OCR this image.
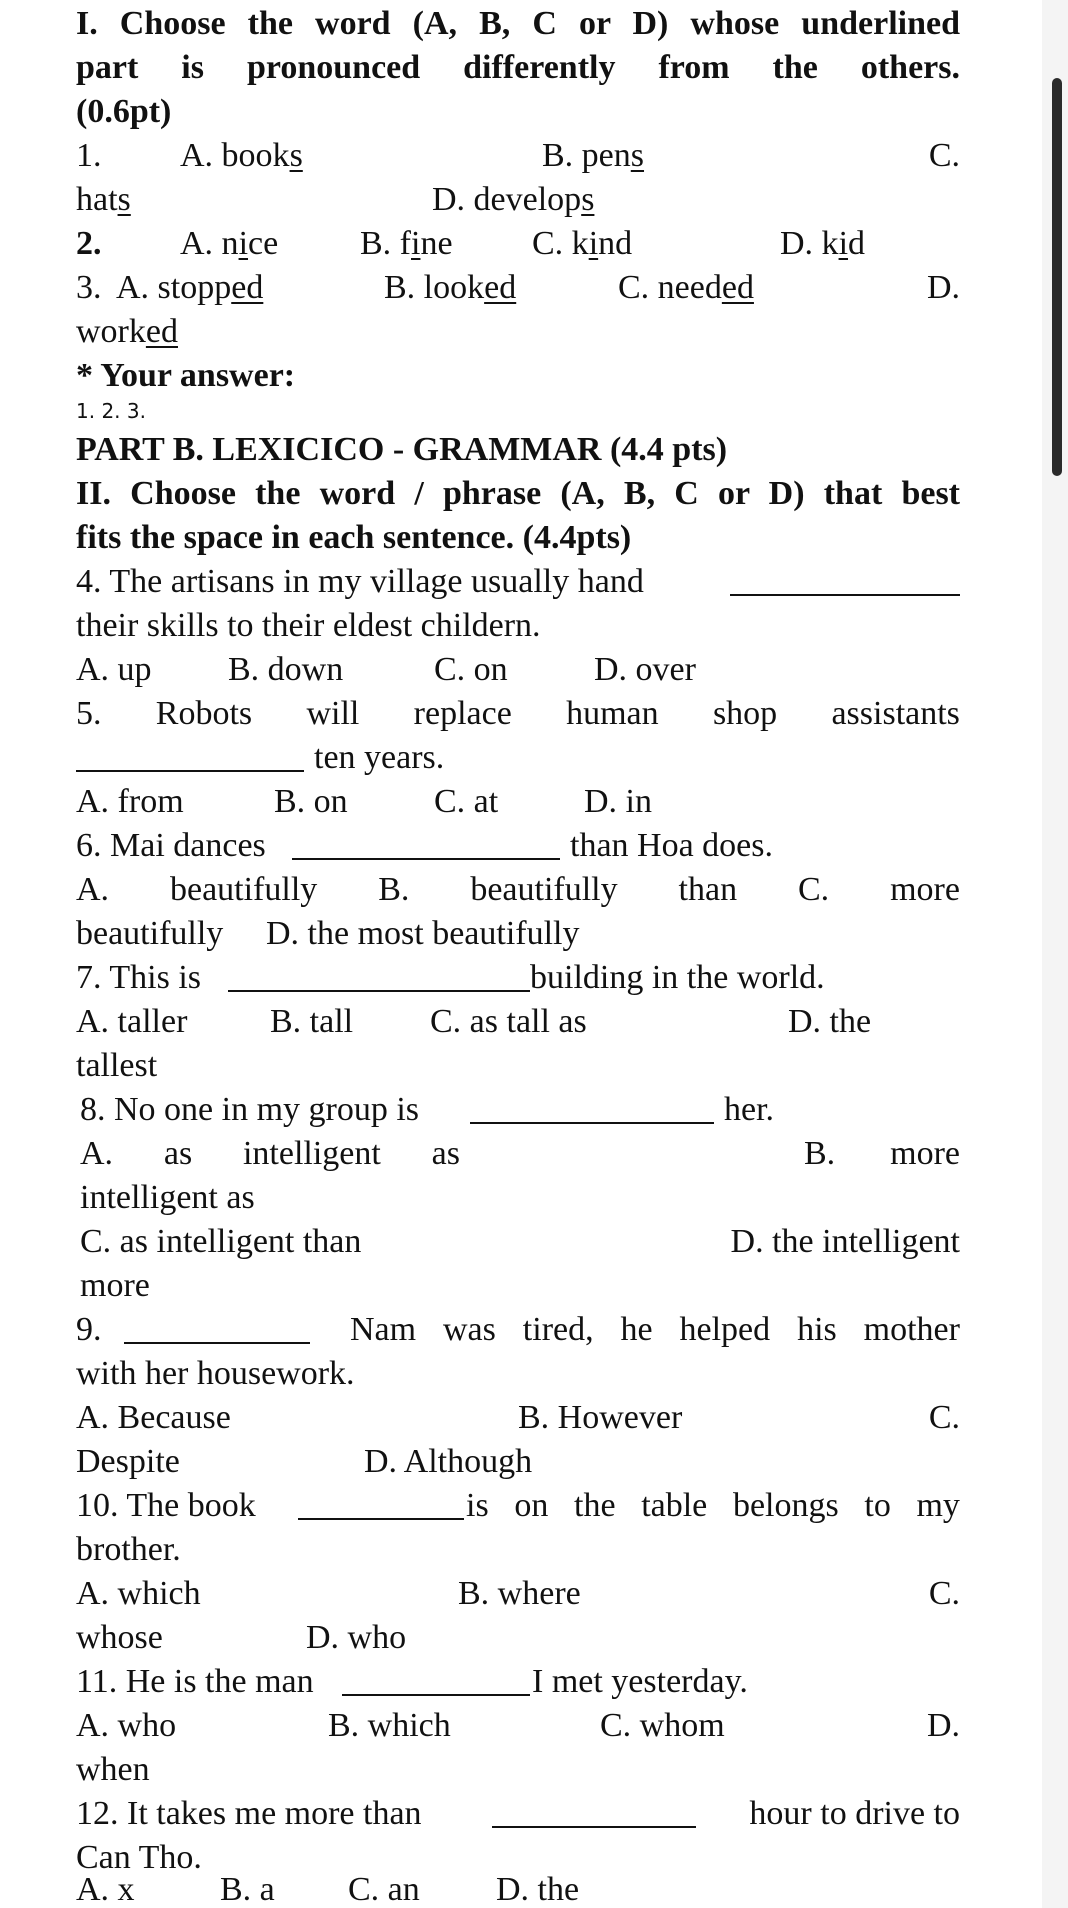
I. Choose the word (A, B, C or D) whose underlined
part is pronounced differently from the others.
(0.6pt)
1. A. books	B. pens	C.
hats	D. develops
2. A. nice B. fine C. kind	D. kid
3. A. stopped	B. looked	C. needed	D.
worked
* Your answer:
1. 2. 3.
PART B. LEXICICO - GRAMMAR (4.4 pts)
II. Choose the word / phrase (A, B, C or D) that best
fits the space in each sentence. (4.4pts)
4. The artisans in my village usually hand
their skills to their eldest childern.
A. up B. down	C. on	D. over
5. Robots will replace human shop assistants
ten years.
A. from	B. on	C. at	D. in
6. Mai dances	than Hoa does.
A. beautifully B. beautifully than C. more
beautifully D. the most beautifully
7. This is	building in the world.
A. taller B. tall C. as tall as	D. the
tallest
8. No one in my group is	her.
A. as intelligent as	B. more
intelligent as
C. as intelligent than	D. the intelligent
more
9.	Nam was tired, he helped his mother
with her housework.
A. Because	B. However	C.
Despite	D. Although
10. The book	is on the table belongs to my
brother.
A. which	B. where	C.
whose	D. who
11. He is the man	I met yesterday.
A. who	B. which	C. whom	D.
when
12. It takes me more than	hour to drive to
Can Tho.
A. x	B. a C. an D. the
